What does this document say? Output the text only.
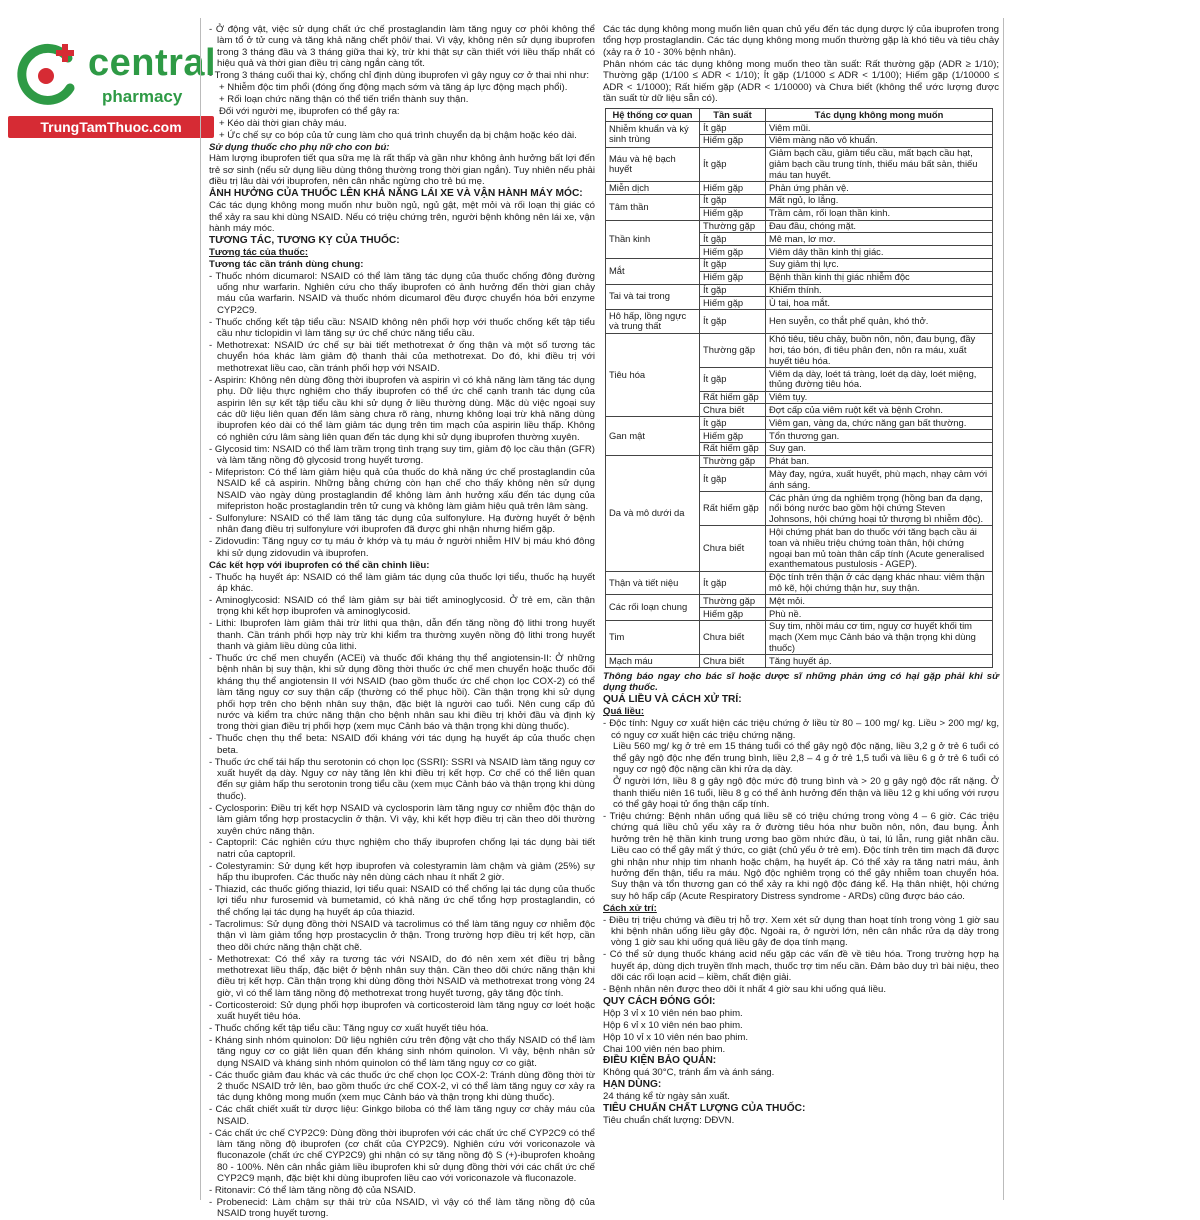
central
pharmacy
TrungTamThuoc.com

- Ở động vật, việc sử dụng chất ức chế prostaglandin làm tăng nguy cơ phôi không thể làm tổ ở tử cung và tăng khả năng chết phôi/ thai. Vì vậy, không nên sử dụng ibuprofen trong 3 tháng đầu và 3 tháng giữa thai kỳ, trừ khi thật sự cần thiết với liều thấp nhất có hiệu quả và thời gian điều trị càng ngắn càng tốt.

- Trong 3 tháng cuối thai kỳ, chống chỉ định dùng ibuprofen vì gây nguy cơ ở thai nhi như:

+ Nhiễm độc tim phổi (đóng ống động mạch sớm và tăng áp lực động mạch phổi).

+ Rối loạn chức năng thận có thể tiến triển thành suy thận.

Đối với người mẹ, ibuprofen có thể gây ra:

+ Kéo dài thời gian chảy máu.

+ Ức chế sự co bóp của tử cung làm cho quá trình chuyển dạ bị chậm hoặc kéo dài.

Sử dụng thuốc cho phụ nữ cho con bú:

Hàm lượng ibuprofen tiết qua sữa mẹ là rất thấp và gần như không ảnh hưởng bất lợi đến trẻ sơ sinh (nếu sử dụng liều dùng thông thường trong thời gian ngắn). Tuy nhiên nếu phải điều trị lâu dài với ibuprofen, nên cân nhắc ngừng cho trẻ bú mẹ.

ẢNH HƯỞNG CỦA THUỐC LÊN KHẢ NĂNG LÁI XE VÀ VẬN HÀNH MÁY MÓC:

Các tác dụng không mong muốn như buồn ngủ, ngủ gật, mệt mỏi và rối loạn thị giác có thể xảy ra sau khi dùng NSAID. Nếu có triệu chứng trên, người bệnh không nên lái xe, vận hành máy móc.

TƯƠNG TÁC, TƯƠNG KỴ CỦA THUỐC:

Tương tác của thuốc:

Tương tác cần tránh dùng chung:

- Thuốc nhóm dicumarol: NSAID có thể làm tăng tác dụng của thuốc chống đông đường uống như warfarin. Nghiên cứu cho thấy ibuprofen có ảnh hưởng đến thời gian chảy máu của warfarin. NSAID và thuốc nhóm dicumarol đều được chuyển hóa bởi enzyme CYP2C9.

- Thuốc chống kết tập tiểu cầu: NSAID không nên phối hợp với thuốc chống kết tập tiểu cầu như ticlopidin vì làm tăng sự ức chế chức năng tiểu cầu.

- Methotrexat: NSAID ức chế sự bài tiết methotrexat ở ống thận và một số tương tác chuyển hóa khác làm giảm độ thanh thải của methotrexat. Do đó, khi điều trị với methotrexat liều cao, cần tránh phối hợp với NSAID.

- Aspirin: Không nên dùng đồng thời ibuprofen và aspirin vì có khả năng làm tăng tác dụng phụ. Dữ liệu thực nghiệm cho thấy ibuprofen có thể ức chế cạnh tranh tác dụng của aspirin lên sự kết tập tiểu cầu khi sử dụng ở liều thường dùng. Mặc dù việc ngoại suy các dữ liệu liên quan đến lâm sàng chưa rõ ràng, nhưng không loại trừ khả năng dùng ibuprofen kéo dài có thể làm giảm tác dụng trên tim mạch của aspirin liều thấp. Không có nghiên cứu lâm sàng liên quan đến tác dụng khi sử dụng ibuprofen thường xuyên.

- Glycosid tim: NSAID có thể làm trầm trọng tình trạng suy tim, giảm độ lọc cầu thận (GFR) và làm tăng nồng độ glycosid trong huyết tương.

- Mifepriston: Có thể làm giảm hiệu quả của thuốc do khả năng ức chế prostaglandin của NSAID kể cả aspirin. Những bằng chứng còn hạn chế cho thấy không nên sử dụng NSAID vào ngày dùng prostaglandin để không làm ảnh hưởng xấu đến tác dụng của mifepriston hoặc prostaglandin trên tử cung và không làm giảm hiệu quả trên lâm sàng.

- Sulfonylure: NSAID có thể làm tăng tác dụng của sulfonylure. Hạ đường huyết ở bệnh nhân đang điều trị sulfonylure với ibuprofen đã được ghi nhận nhưng hiếm gặp.

- Zidovudin: Tăng nguy cơ tụ máu ở khớp và tụ máu ở người nhiễm HIV bị máu khó đông khi sử dụng zidovudin và ibuprofen.

Các kết hợp với ibuprofen có thể cần chỉnh liều:

- Thuốc hạ huyết áp: NSAID có thể làm giảm tác dụng của thuốc lợi tiểu, thuốc hạ huyết áp khác.

- Aminoglycosid: NSAID có thể làm giảm sự bài tiết aminoglycosid. Ở trẻ em, cần thận trọng khi kết hợp ibuprofen và aminoglycosid.

- Lithi: Ibuprofen làm giảm thải trừ lithi qua thận, dẫn đến tăng nồng độ lithi trong huyết thanh. Cần tránh phối hợp này trừ khi kiểm tra thường xuyên nồng độ lithi trong huyết thanh và giảm liều dùng của lithi.

- Thuốc ức chế men chuyển (ACEi) và thuốc đối kháng thụ thể angiotensin-II: Ở những bệnh nhân bị suy thận, khi sử dụng đồng thời thuốc ức chế men chuyển hoặc thuốc đối kháng thụ thể angiotensin II với NSAID (bao gồm thuốc ức chế chọn lọc COX-2) có thể làm tăng nguy cơ suy thận cấp (thường có thể phục hồi). Cần thận trọng khi sử dụng phối hợp trên cho bệnh nhân suy thận, đặc biệt là người cao tuổi. Nên cung cấp đủ nước và kiểm tra chức năng thận cho bệnh nhân sau khi điều trị khởi đầu và định kỳ trong thời gian điều trị phối hợp (xem mục Cảnh báo và thận trọng khi dùng thuốc).

- Thuốc chẹn thụ thể beta: NSAID đối kháng với tác dụng hạ huyết áp của thuốc chẹn beta.

- Thuốc ức chế tái hấp thu serotonin có chọn lọc (SSRI): SSRI và NSAID làm tăng nguy cơ xuất huyết dạ dày. Nguy cơ này tăng lên khi điều trị kết hợp. Cơ chế có thể liên quan đến sự giảm hấp thu serotonin trong tiểu cầu (xem mục Cảnh báo và thận trọng khi dùng thuốc).

- Cyclosporin: Điều trị kết hợp NSAID và cyclosporin làm tăng nguy cơ nhiễm độc thận do làm giảm tổng hợp prostacyclin ở thận. Vì vậy, khi kết hợp điều trị cần theo dõi thường xuyên chức năng thận.

- Captopril: Các nghiên cứu thực nghiệm cho thấy ibuprofen chống lại tác dụng bài tiết natri của captopril.

- Colestyramin: Sử dụng kết hợp ibuprofen và colestyramin làm chậm và giảm (25%) sự hấp thu ibuprofen. Các thuốc này nên dùng cách nhau ít nhất 2 giờ.

- Thiazid, các thuốc giống thiazid, lợi tiểu quai: NSAID có thể chống lại tác dụng của thuốc lợi tiểu như furosemid và bumetamid, có khả năng ức chế tổng hợp prostaglandin, có thể chống lại tác dụng hạ huyết áp của thiazid.

- Tacrolimus: Sử dụng đồng thời NSAID và tacrolimus có thể làm tăng nguy cơ nhiễm độc thận vì làm giảm tổng hợp prostacyclin ở thận. Trong trường hợp điều trị kết hợp, cần theo dõi chức năng thận chặt chẽ.

- Methotrexat: Có thể xảy ra tương tác với NSAID, do đó nên xem xét điều trị bằng methotrexat liều thấp, đặc biệt ở bệnh nhân suy thận. Cần theo dõi chức năng thận khi điều trị kết hợp. Cần thận trọng khi dùng đồng thời NSAID và methotrexat trong vòng 24 giờ, vì có thể làm tăng nồng độ methotrexat trong huyết tương, gây tăng độc tính.

- Corticosteroid: Sử dụng phối hợp ibuprofen và corticosteroid làm tăng nguy cơ loét hoặc xuất huyết tiêu hóa.

- Thuốc chống kết tập tiểu cầu: Tăng nguy cơ xuất huyết tiêu hóa.

- Kháng sinh nhóm quinolon: Dữ liệu nghiên cứu trên động vật cho thấy NSAID có thể làm tăng nguy cơ co giật liên quan đến kháng sinh nhóm quinolon. Vì vậy, bệnh nhân sử dụng NSAID và kháng sinh nhóm quinolon có thể làm tăng nguy cơ co giật.

- Các thuốc giảm đau khác và các thuốc ức chế chọn lọc COX-2: Tránh dùng đồng thời từ 2 thuốc NSAID trở lên, bao gồm thuốc ức chế COX-2, vì có thể làm tăng nguy cơ xảy ra tác dụng không mong muốn (xem mục Cảnh báo và thận trọng khi dùng thuốc).

- Các chất chiết xuất từ dược liệu: Ginkgo biloba có thể làm tăng nguy cơ chảy máu của NSAID.

- Các chất ức chế CYP2C9: Dùng đồng thời ibuprofen với các chất ức chế CYP2C9 có thể làm tăng nồng độ ibuprofen (cơ chất của CYP2C9). Nghiên cứu với voriconazole và fluconazole (chất ức chế CYP2C9) ghi nhận có sự tăng nồng độ S (+)-ibuprofen khoảng 80 - 100%. Nên cân nhắc giảm liều ibuprofen khi sử dụng đồng thời với các chất ức chế CYP2C9 mạnh, đặc biệt khi dùng ibuprofen liều cao với voriconazole và fluconazole.

- Ritonavir: Có thể làm tăng nồng độ của NSAID.

- Probenecid: Làm chậm sự thải trừ của NSAID, vì vậy có thể làm tăng nồng độ của NSAID trong huyết tương.

Các tác dụng không mong muốn liên quan chủ yếu đến tác dụng dược lý của ibuprofen trong tổng hợp prostaglandin. Các tác dụng không mong muốn thường gặp là khó tiêu và tiêu chảy (xảy ra ở 10 - 30% bệnh nhân).

Phân nhóm các tác dụng không mong muốn theo tần suất: Rất thường gặp (ADR ≥ 1/10); Thường gặp (1/100 ≤ ADR < 1/10); Ít gặp (1/1000 ≤ ADR < 1/100); Hiếm gặp (1/10000 ≤ ADR < 1/1000); Rất hiếm gặp (ADR < 1/10000) và Chưa biết (không thể ước lượng được tần suất từ dữ liệu sẵn có).

Hệ thống cơ quan	Tần suất	Tác dụng không mong muốn
Nhiễm khuẩn và ký sinh trùng	Ít gặp	Viêm mũi.
	Hiếm gặp	Viêm màng não vô khuẩn.
Máu và hệ bạch huyết	Ít gặp	Giảm bạch cầu, giảm tiểu cầu, mất bạch cầu hạt, giảm bạch cầu trung tính, thiếu máu bất sản, thiếu máu tan huyết.
Miễn dịch	Hiếm gặp	Phản ứng phản vệ.
Tâm thần	Ít gặp	Mất ngủ, lo lắng.
	Hiếm gặp	Trầm cảm, rối loạn thần kinh.
Thần kinh	Thường gặp	Đau đầu, chóng mặt.
	Ít gặp	Mê man, lơ mơ.
	Hiếm gặp	Viêm dây thần kinh thị giác.
Mắt	Ít gặp	Suy giảm thị lực.
	Hiếm gặp	Bệnh thần kinh thị giác nhiễm độc
Tai và tai trong	Ít gặp	Khiếm thính.
	Hiếm gặp	Ù tai, hoa mắt.
Hô hấp, lồng ngực và trung thất	Ít gặp	Hen suyễn, co thắt phế quản, khó thở.
Tiêu hóa	Thường gặp	Khó tiêu, tiêu chảy, buồn nôn, nôn, đau bụng, đầy hơi, táo bón, đi tiêu phân đen, nôn ra máu, xuất huyết tiêu hóa.
	Ít gặp	Viêm dạ dày, loét tá tràng, loét dạ dày, loét miệng, thủng đường tiêu hóa.
	Rất hiếm gặp	Viêm tụy.
	Chưa biết	Đợt cấp của viêm ruột kết và bệnh Crohn.
Gan mật	Ít gặp	Viêm gan, vàng da, chức năng gan bất thường.
	Hiếm gặp	Tổn thương gan.
	Rất hiếm gặp	Suy gan.
Da và mô dưới da	Thường gặp	Phát ban.
	Ít gặp	Mày đay, ngứa, xuất huyết, phù mạch, nhạy cảm với ánh sáng.
	Rất hiếm gặp	Các phản ứng da nghiêm trọng (hồng ban đa dạng, nổi bóng nước bao gồm hội chứng Steven Johnsons, hội chứng hoại tử thượng bì nhiễm độc).
	Chưa biết	Hội chứng phát ban do thuốc với tăng bạch cầu ái toan và nhiều triệu chứng toàn thân, hội chứng ngoại ban mủ toàn thân cấp tính (Acute generalised exanthematous pustulosis - AGEP).
Thận và tiết niệu	Ít gặp	Độc tính trên thận ở các dạng khác nhau: viêm thận mô kẽ, hội chứng thận hư, suy thận.
Các rối loạn chung	Thường gặp	Mệt mỏi.
	Hiếm gặp	Phù nề.
Tim	Chưa biết	Suy tim, nhồi máu cơ tim, nguy cơ huyết khối tim mạch (Xem mục Cảnh báo và thận trọng khi dùng thuốc)
Mạch máu	Chưa biết	Tăng huyết áp.

Thông báo ngay cho bác sĩ hoặc dược sĩ những phản ứng có hại gặp phải khi sử dụng thuốc.

QUÁ LIỀU VÀ CÁCH XỬ TRÍ:

Quá liều:

- Độc tính: Nguy cơ xuất hiện các triệu chứng ở liều từ 80 – 100 mg/ kg. Liều > 200 mg/ kg, có nguy cơ xuất hiện các triệu chứng nặng.

Liều 560 mg/ kg ở trẻ em 15 tháng tuổi có thể gây ngộ độc nặng, liều 3,2 g ở trẻ 6 tuổi có thể gây ngộ độc nhẹ đến trung bình, liều 2,8 – 4 g ở trẻ 1,5 tuổi và liều 6 g ở trẻ 6 tuổi có nguy cơ ngộ độc nặng cần khi rửa dạ dày.

Ở người lớn, liều 8 g gây ngộ độc mức độ trung bình và > 20 g gây ngộ độc rất nặng. Ở thanh thiếu niên 16 tuổi, liều 8 g có thể ảnh hưởng đến thận và liều 12 g khi uống với rượu có thể gây hoại tử ống thận cấp tính.

- Triệu chứng: Bệnh nhân uống quá liều sẽ có triệu chứng trong vòng 4 – 6 giờ. Các triệu chứng quá liều chủ yếu xảy ra ở đường tiêu hóa như buồn nôn, nôn, đau bụng. Ảnh hưởng trên hệ thần kinh trung ương bao gồm nhức đầu, ù tai, lú lẫn, rung giật nhãn cầu. Liều cao có thể gây mất ý thức, co giật (chủ yếu ở trẻ em). Độc tính trên tim mạch đã được ghi nhận như nhịp tim nhanh hoặc chậm, hạ huyết áp. Có thể xảy ra tăng natri máu, ảnh hưởng đến thận, tiểu ra máu. Ngộ độc nghiêm trọng có thể gây nhiễm toan chuyển hóa. Suy thận và tổn thương gan có thể xảy ra khi ngộ độc đáng kể. Hạ thân nhiệt, hội chứng suy hô hấp cấp (Acute Respiratory Distress syndrome - ARDs) cũng được báo cáo.

Cách xử trí:

- Điều trị triệu chứng và điều trị hỗ trợ. Xem xét sử dụng than hoạt tính trong vòng 1 giờ sau khi bệnh nhân uống liều gây độc. Ngoài ra, ở người lớn, nên cân nhắc rửa dạ dày trong vòng 1 giờ sau khi uống quá liều gây đe dọa tính mạng.

- Có thể sử dụng thuốc kháng acid nếu gặp các vấn đề về tiêu hóa. Trong trường hợp hạ huyết áp, dùng dịch truyền tĩnh mạch, thuốc trợ tim nếu cần. Đảm bảo duy trì bài niệu, theo dõi các rối loạn acid – kiềm, chất điện giải.

- Bệnh nhân nên được theo dõi ít nhất 4 giờ sau khi uống quá liều.

QUY CÁCH ĐÓNG GÓI:

Hộp 3 vỉ x 10 viên nén bao phim.

Hộp 6 vỉ x 10 viên nén bao phim.

Hộp 10 vỉ x 10 viên nén bao phim.

Chai 100 viên nén bao phim.

ĐIỀU KIỆN BẢO QUẢN:

Không quá 30°C, tránh ẩm và ánh sáng.

HẠN DÙNG:

24 tháng kể từ ngày sản xuất.

TIÊU CHUẨN CHẤT LƯỢNG CỦA THUỐC:

Tiêu chuẩn chất lượng: DĐVN.
